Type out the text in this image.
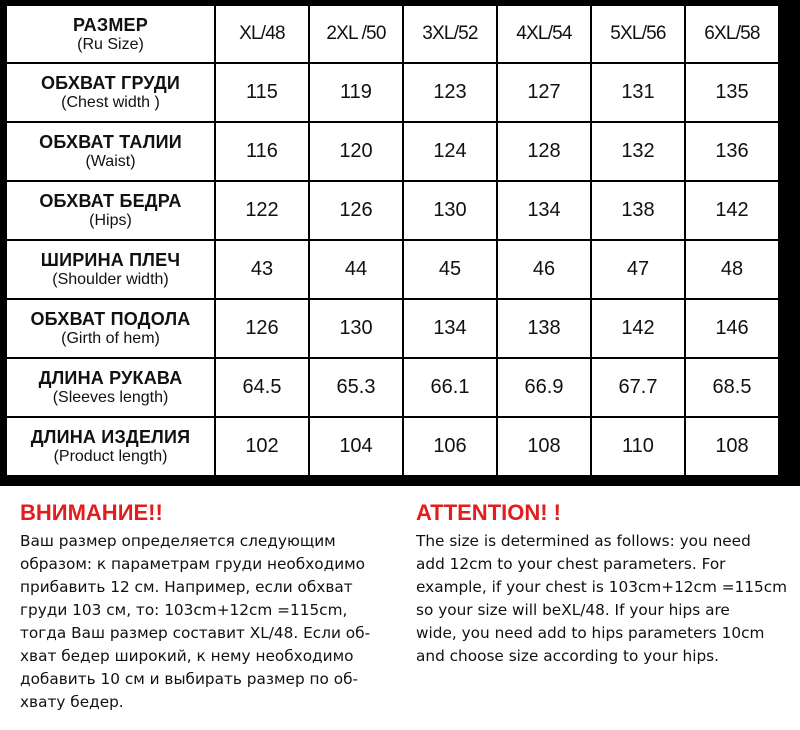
РАЗМЕР
(Ru Size)	XL/48	2XL /50	3XL/52	4XL/54	5XL/56	6XL/58

ОБХВАТ ГРУДИ
(Chest width )	115	119	123	127	131	135

ОБХВАТ ТАЛИИ
(Waist)	116	120	124	128	132	136

ОБХВАТ БЕДРА
(Hips)	122	126	130	134	138	142

ШИРИНА ПЛЕЧ
(Shoulder width)	43	44	45	46	47	48

ОБХВАТ ПОДОЛА
(Girth of hem)	126	130	134	138	142	146

ДЛИНА РУКАВА
(Sleeves length)	64.5	65.3	66.1	66.9	67.7	68.5

ДЛИНА ИЗДЕЛИЯ
(Product length)	102	104	106	108	110	108
ВНИМАНИЕ!!
Ваш размер определяется следующим
образом: к параметрам груди необходимо
прибавить 12 см. Например, если обхват
груди 103 см, то: 103cm+12cm =115cm,
тогда Ваш размер составит XL/48. Если об-
хват бедер широкий, к нему необходимо
добавить 10 см и выбирать размер по об-
хвату бедер.
ATTENTION! !
The size is determined as follows: you need
add 12cm to your chest parameters. For
example, if your chest is 103cm+12cm =115cm
so your size will beXL/48. If your hips are
wide, you need add to hips parameters 10cm
and choose size according to your hips.
